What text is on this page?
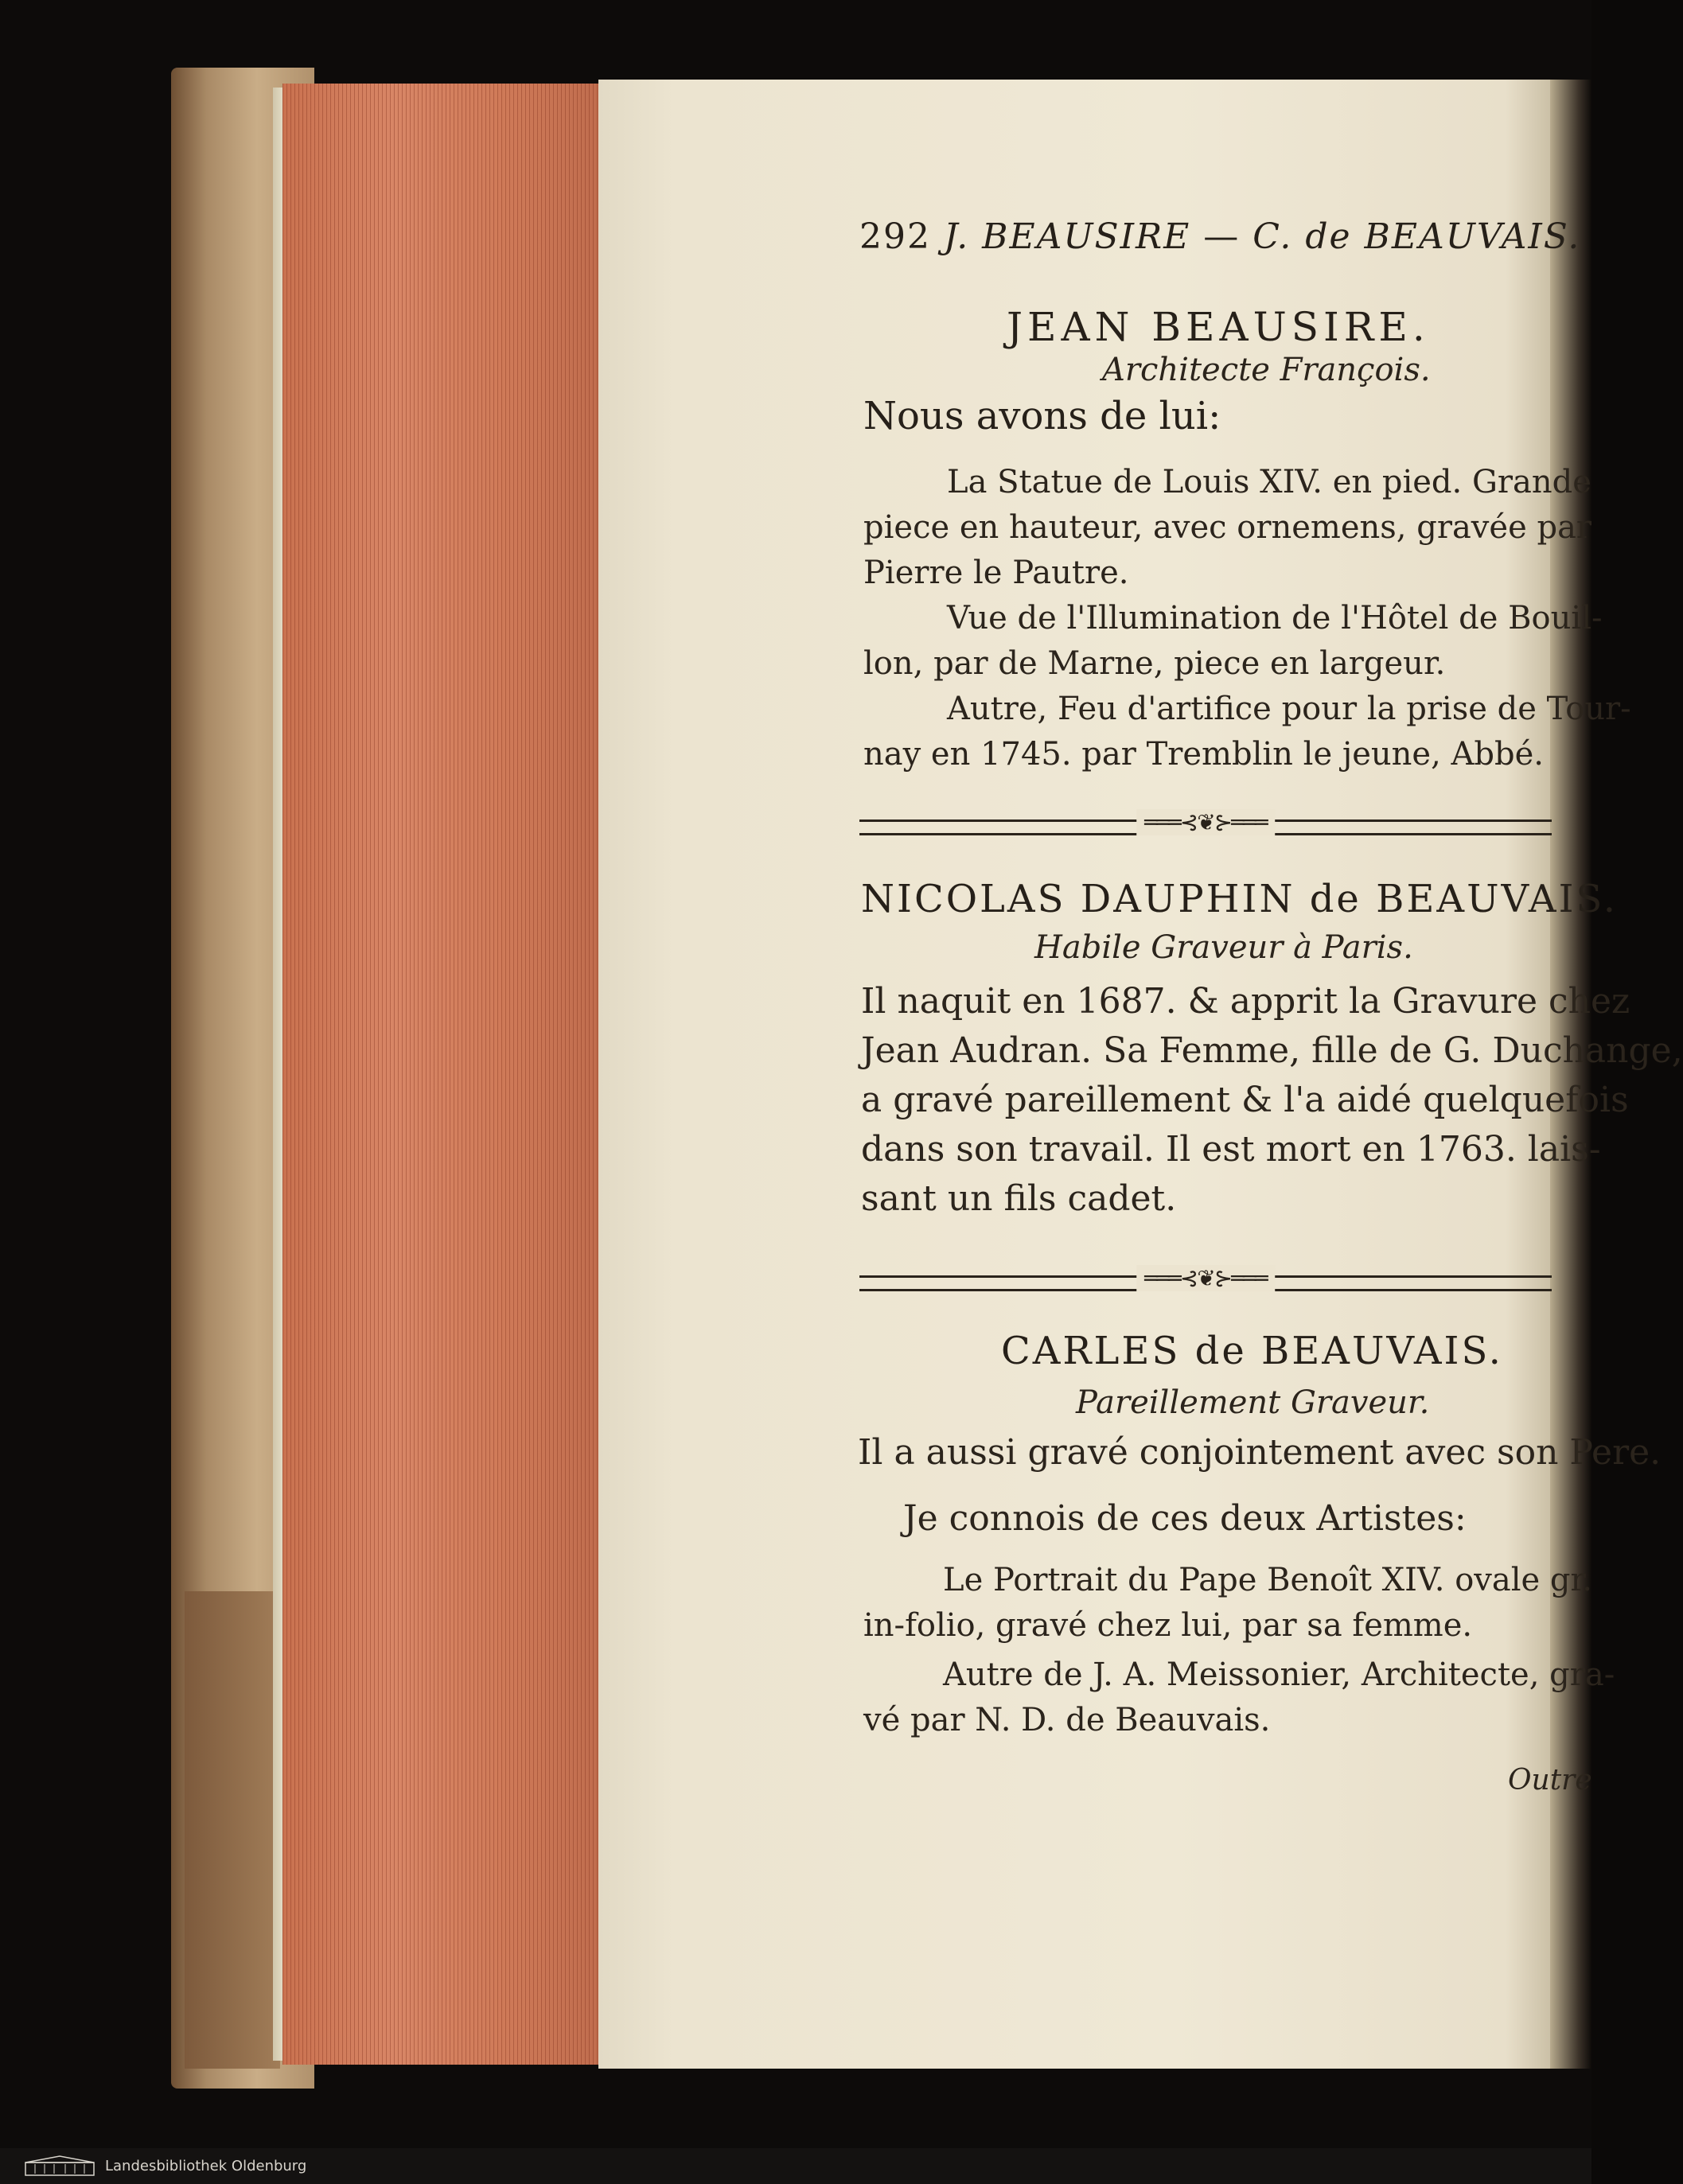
292 J. BEAUSIRE — C. de BEAUVAIS.
JEAN BEAUSIRE.
Architecte François.
Nous avons de lui:
La Statue de Louis XIV. en pied. Grande
piece en hauteur, avec ornemens, gravée par
Pierre le Pautre.
Vue de l'Illumination de l'Hôtel de Bouil-
lon, par de Marne, piece en largeur.
Autre, Feu d'artifice pour la prise de Tour-
nay en 1745. par Tremblin le jeune, Abbé.
═══⊰❦⊱═══
NICOLAS DAUPHIN de BEAUVAIS.
Habile Graveur à Paris.
Il naquit en 1687. & apprit la Gravure chez
Jean Audran. Sa Femme, fille de G. Duchange,
a gravé pareillement & l'a aidé quelquefois
dans son travail. Il est mort en 1763. lais-
sant un fils cadet.
═══⊰❦⊱═══
CARLES de BEAUVAIS.
Pareillement Graveur.
Il a aussi gravé conjointement avec son Pere.
Je connois de ces deux Artistes:
Le Portrait du Pape Benoît XIV. ovale gr.
in-folio, gravé chez lui, par sa femme.
Autre de J. A. Meissonier, Architecte, gra-
vé par N. D. de Beauvais.
Outre
Landesbibliothek Oldenburg
